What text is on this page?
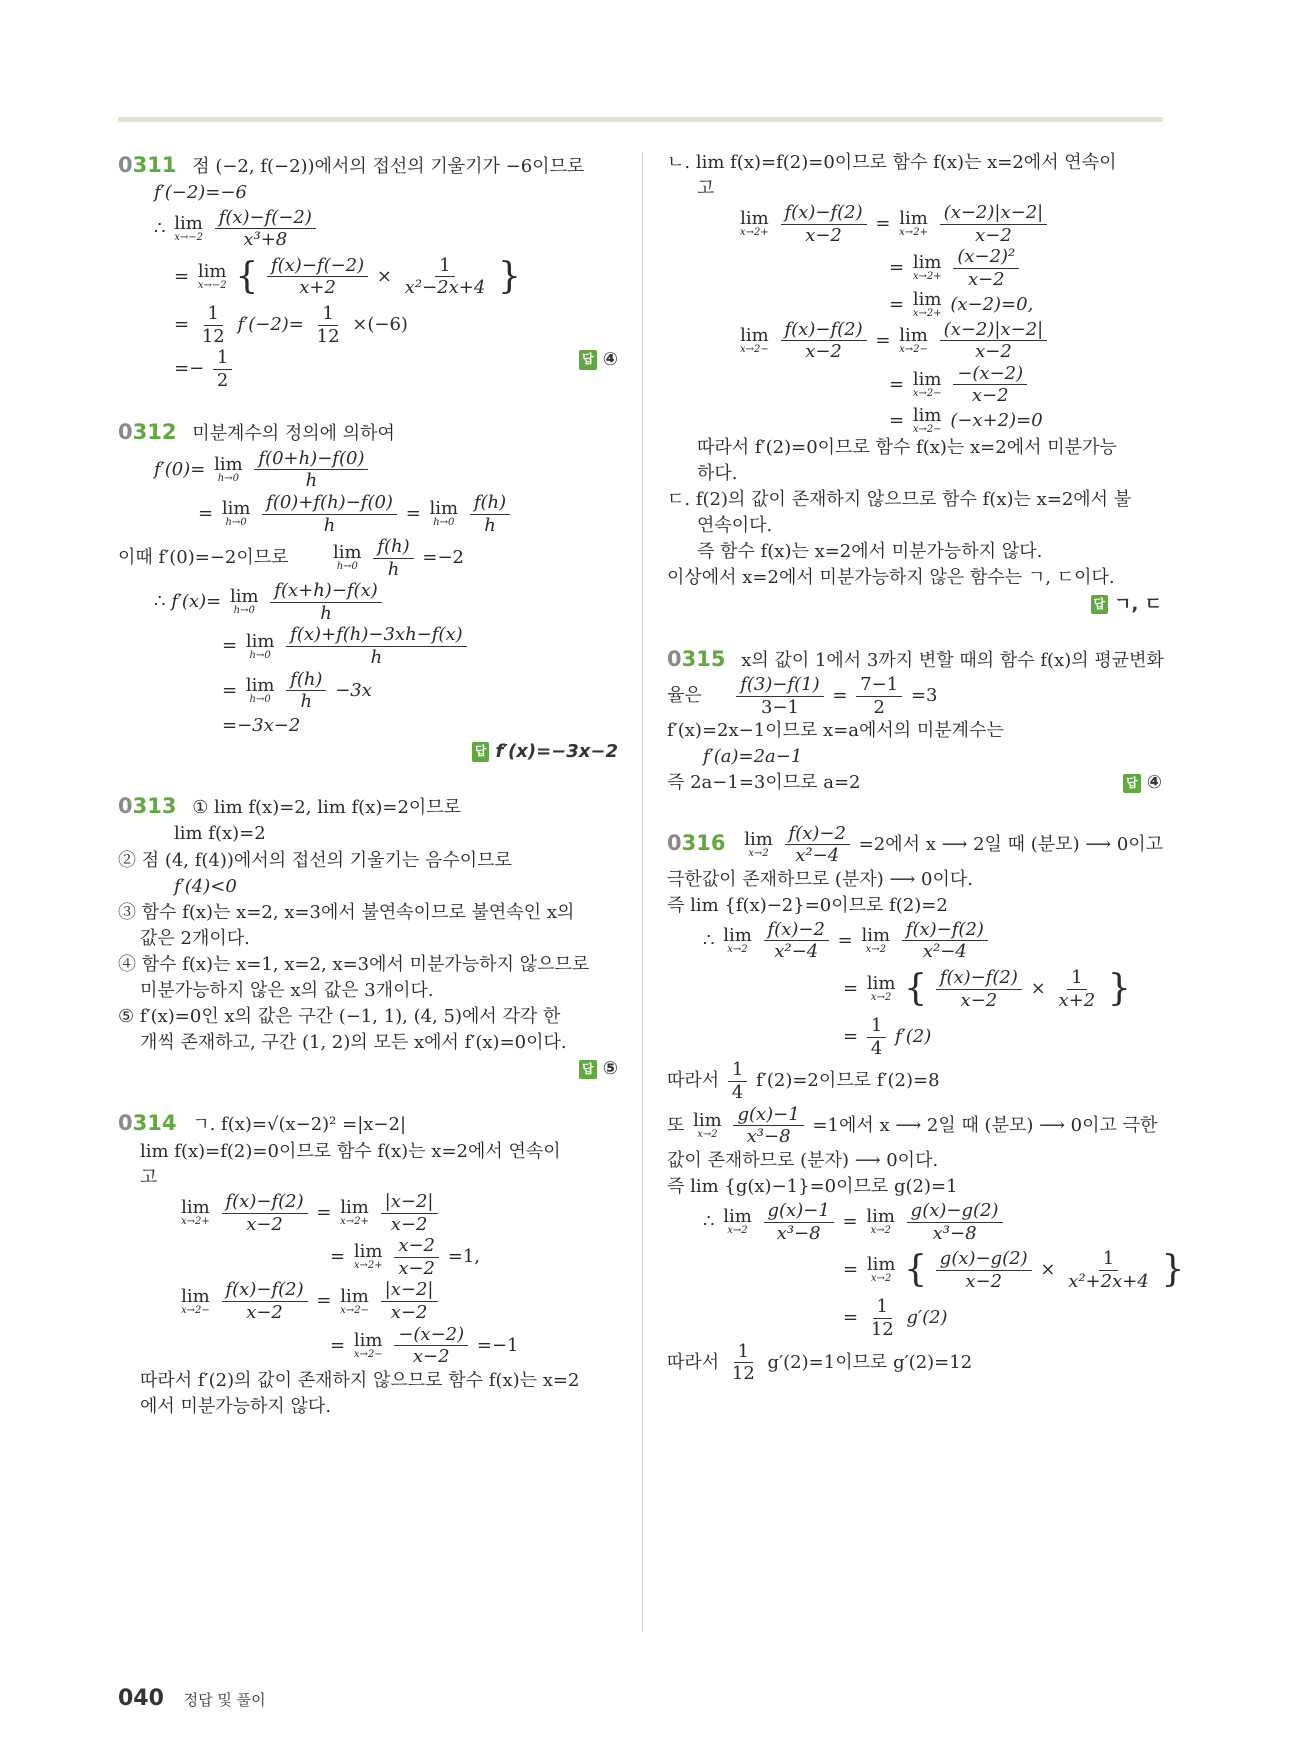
0311 점 (−2, f(−2))에서의 접선의 기울기가 −6이므로
f′(−2)=−6
∴ lim
x→−2
$\frac{f(x)-f(-2)}{\text{x³+8}}$
= lim
x→−2 { $\frac{f(x)-f(-2)}{x+2} \times \frac{1}{\text{x²−2x+4}}$ }
= $\frac{1}{12} f'(-2)= \frac{1}{12} \times(-6)$
=− $\frac{1}{2}$	답 ④
0312 미분계수의 정의에 의하여
f′(0)= lim
h→0
$\frac{f(0+h)-f(0)}{h}$
= lim
h→0
$\frac{f(0)+f(h)-f(0)}{h} = \lim$
h→0
$\frac{f(h)}{h}$
이때 f′(0)=−2이므로 lim
h→0
$\frac{f(h)}{h} =-2$
∴ f′(x)= lim
h→0
$\frac{f(x+h)-f(x)}{h}$
= lim
h→0
$\frac{f(x)+f(h)-3xh-f(x)}{h}$
= lim
h→0
$\frac{f(h)}{h} -3x$
=−3x−2

답 f′(x)=−3x−2
0313 ① lim f(x)=2, lim f(x)=2이므로
lim f(x)=2
② 점 (4, f(4))에서의 접선의 기울기는 음수이므로
f′(4)<0
③ 함수 f(x)는 x=2, x=3에서 불연속이므로 불연속인 x의
값은 2개이다.
④ 함수 f(x)는 x=1, x=2, x=3에서 미분가능하지 않으므로
미분가능하지 않은 x의 값은 3개이다.
⑤ f′(x)=0인 x의 값은 구간 (−1, 1), (4, 5)에서 각각 한
개씩 존재하고, 구간 (1, 2)의 모든 x에서 f′(x)=0이다.

답 ⑤
0314 ㄱ. f(x)=√(x−2)² =|x−2|
lim f(x)=f(2)=0이므로 함수 f(x)는 x=2에서 연속이
고
lim
x→2+
$\frac{f(x)-f(2)}{x-2} = \lim$
x→2+
$\frac{|x-2|}{x-2}$
= lim
x→2+
$\frac{x-2}{x-2} =1$,
lim
x→2−
$\frac{f(x)-f(2)}{x-2} = \lim$
x→2−
$\frac{|x-2|}{x-2}$
= lim
x→2−
$\frac{-(x-2)}{x-2} =-1$
따라서 f′(2)의 값이 존재하지 않으므로 함수 f(x)는 x=2
에서 미분가능하지 않다.
ㄴ. lim f(x)=f(2)=0이므로 함수 f(x)는 x=2에서 연속이
고
lim
x→2+
$\frac{f(x)-f(2)}{x-2} = \lim$
x→2+
$\frac{(x-2)|x-2|}{x-2}$
= lim
x→2+
$\frac{\text{(x−2)²}}{x-2}$
= lim
x→2+ (x−2)=0,
lim
x→2−
$\frac{f(x)-f(2)}{x-2} = \lim$
x→2−
$\frac{(x-2)|x-2|}{x-2}$
= lim
x→2−
$\frac{-(x-2)}{x-2}$
= lim
x→2− (−x+2)=0
따라서 f′(2)=0이므로 함수 f(x)는 x=2에서 미분가능
하다.
ㄷ. f(2)의 값이 존재하지 않으므로 함수 f(x)는 x=2에서 불
연속이다.
즉 함수 f(x)는 x=2에서 미분가능하지 않다.
이상에서 x=2에서 미분가능하지 않은 함수는 ㄱ, ㄷ이다.

답 ㄱ, ㄷ
0315 x의 값이 1에서 3까지 변할 때의 함수 f(x)의 평균변화
율은 $\frac{f(3)-f(1)}{3-1} = \frac{7-1}{2} =3$
f′(x)=2x−1이므로 x=a에서의 미분계수는
f′(a)=2a−1
즉 2a−1=3이므로 a=2	답 ④
0316 lim
x→2
$\frac{f(x)-2}{\text{x²−4}} =2$에서 x ⟶ 2일 때 (분모) ⟶ 0이고
극한값이 존재하므로 (분자) ⟶ 0이다.
즉 lim {f(x)−2}=0이므로 f(2)=2
∴ lim
x→2
$\frac{f(x)-2}{\text{x²−4}} = \lim$
x→2
$\frac{f(x)-f(2)}{\text{x²−4}}$
= lim
x→2 { $\frac{f(x)-f(2)}{x-2} \times \frac{1}{x+2}$ }
= $\frac{1}{4} f'(2)$
따라서 $\frac{1}{4} f'(2)=2$이므로 f′(2)=8
또 lim
x→2
$\frac{g(x)-1}{\text{x³−8}} =1$에서 x ⟶ 2일 때 (분모) ⟶ 0이고 극한
값이 존재하므로 (분자) ⟶ 0이다.
즉 lim {g(x)−1}=0이므로 g(2)=1
∴ lim
x→2
$\frac{g(x)-1}{\text{x³−8}} = \lim$
x→2
$\frac{g(x)-g(2)}{\text{x³−8}}$
= lim
x→2 { $\frac{g(x)-g(2)}{x-2} \times \frac{1}{\text{x²+2x+4}}$ }
= $\frac{1}{12} g'(2)$
따라서 $\frac{1}{12} g'(2)=1$이므로 g′(2)=12
040 정답 및 풀이
